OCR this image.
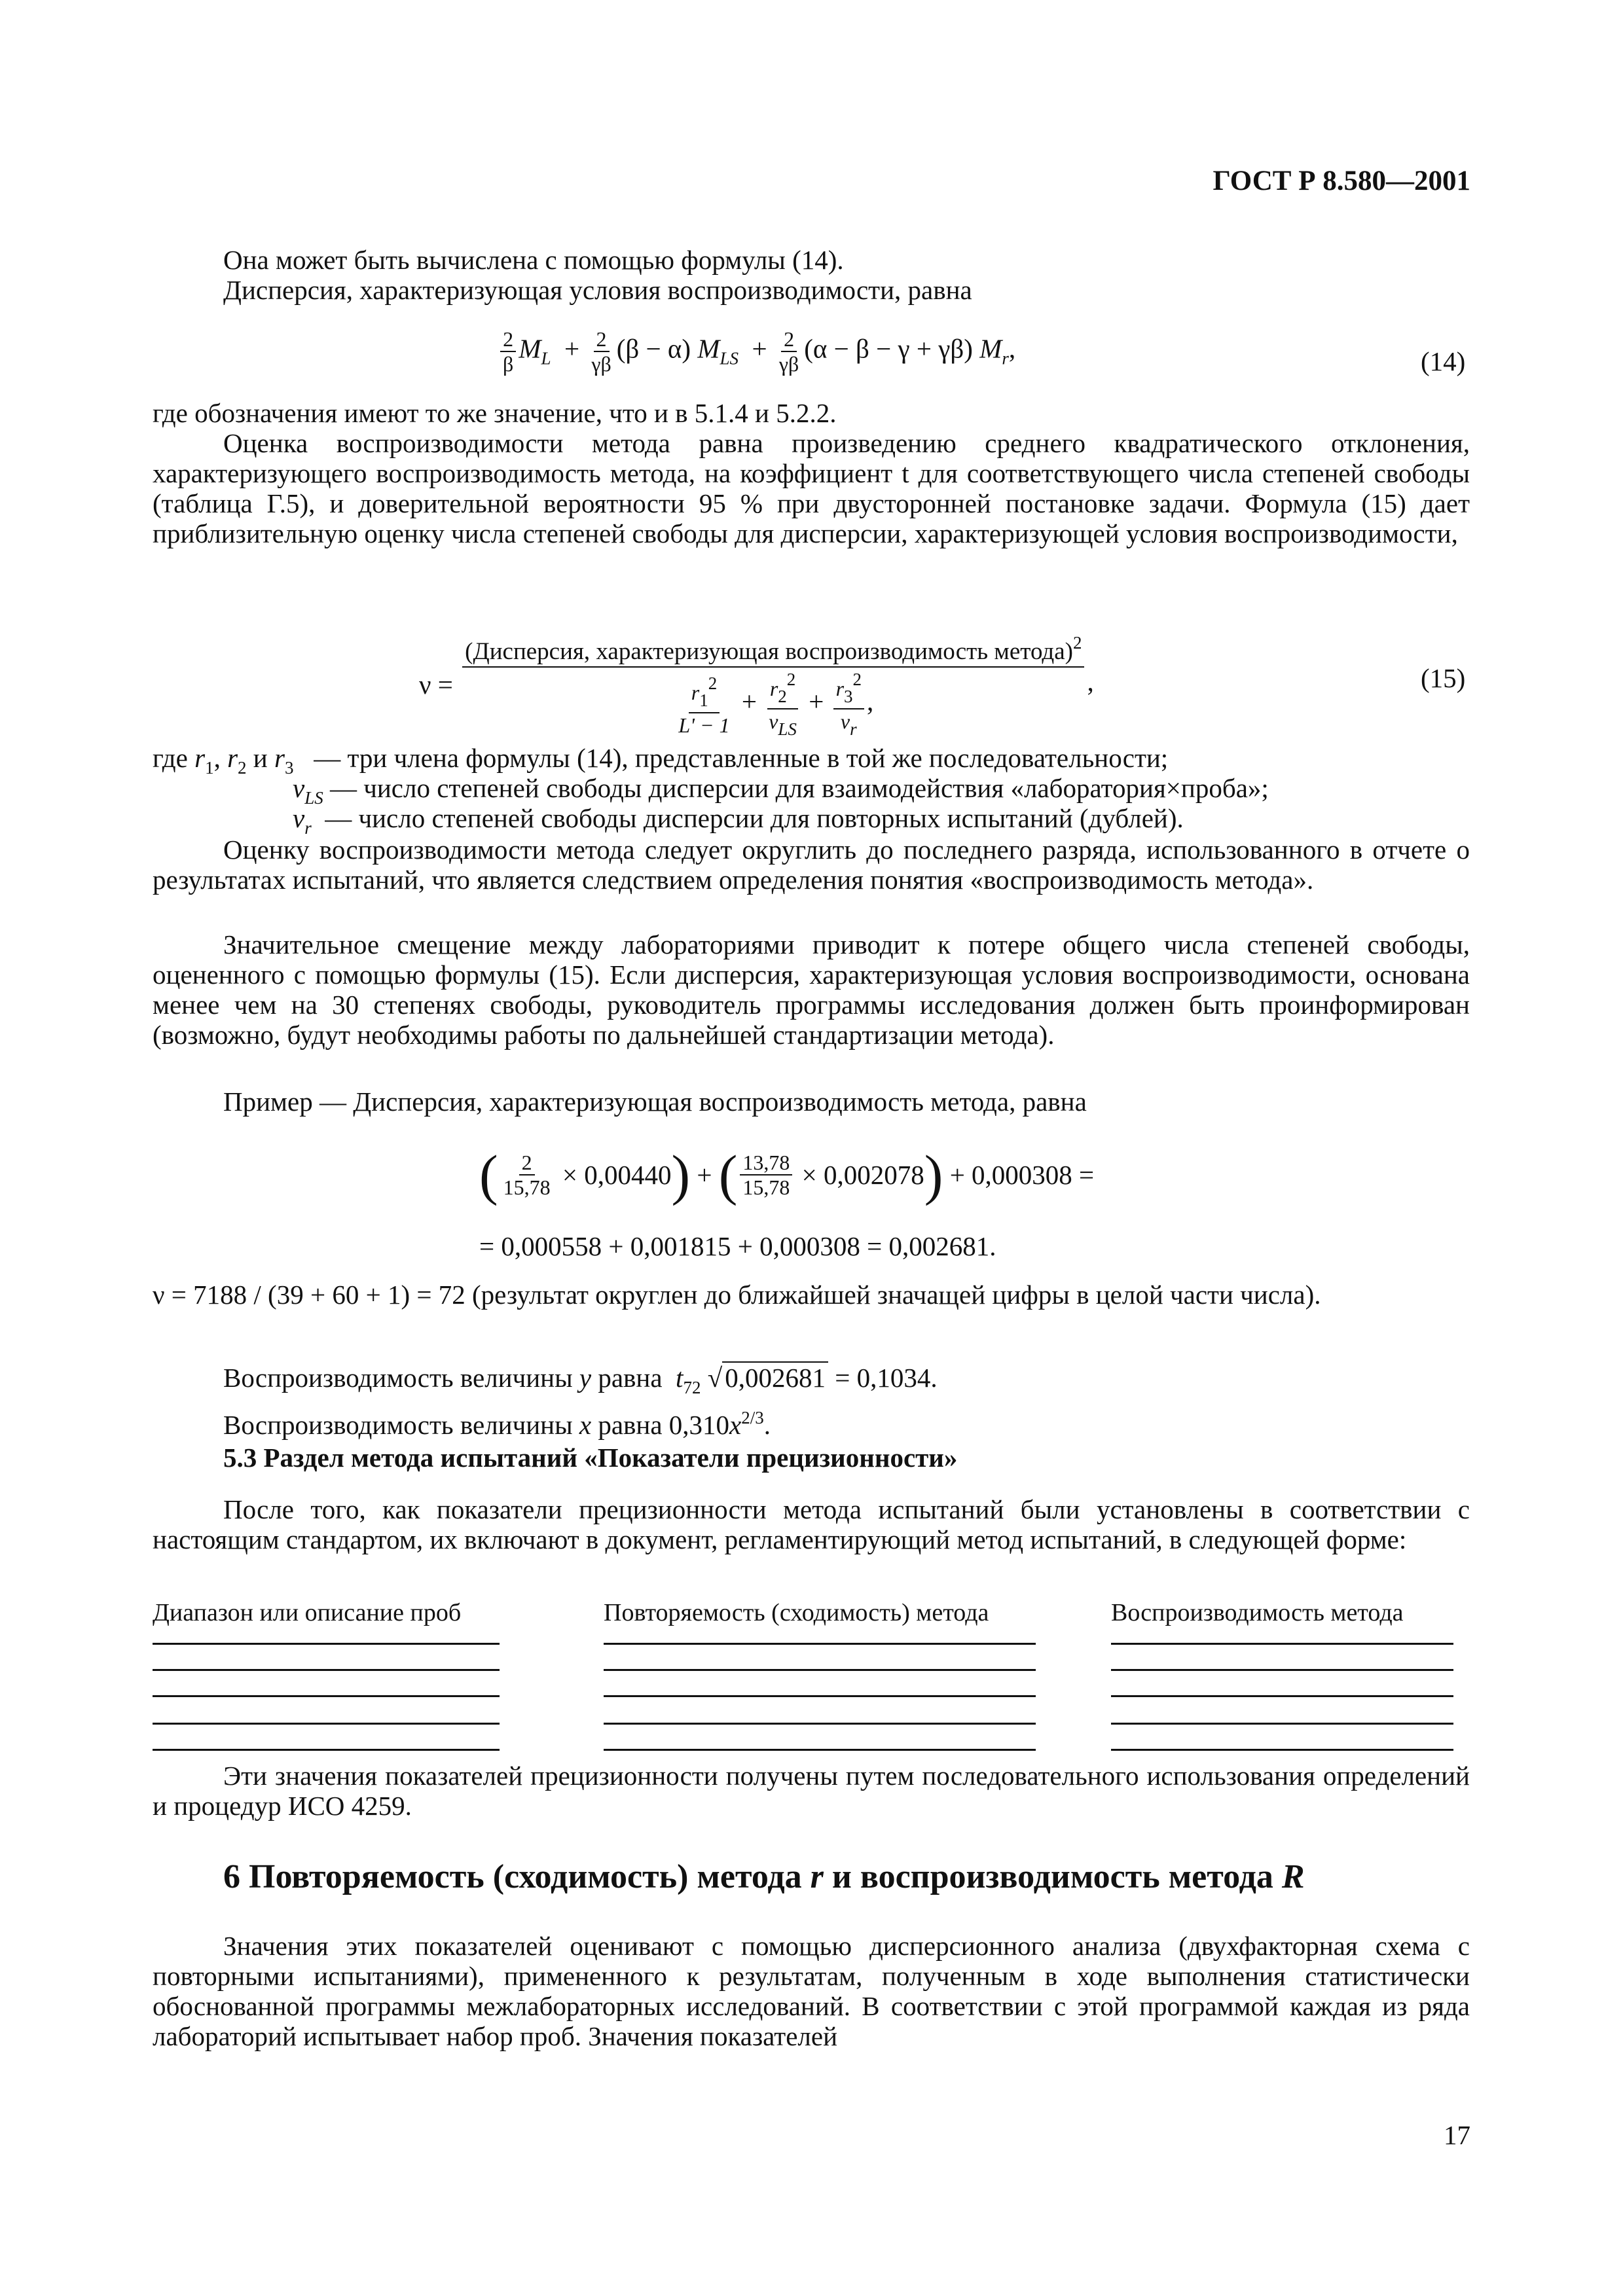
ГОСТ Р 8.580—2001
Она может быть вычислена с помощью формулы (14).
Дисперсия, характеризующая условия воспроизводимости, равна
$\frac{2}{\beta} M_L + \frac{2}{\gamma\beta} (\beta - \alpha) M_{LS} + \frac{2}{\gamma\beta} (\alpha - \beta - \gamma + \gamma\beta)$ $M_r$,	(14)
где обозначения имеют то же значение, что и в 5.1.4 и 5.2.2.
Оценка воспроизводимости метода равна произведению среднего квадратического отклонения, характеризующего воспроизводимость метода, на коэффициент t для соответствующего числа степеней свободы (таблица Г.5), и доверительной вероятности 95 % при двусторонней постановке задачи. Формула (15) дает приблизительную оценку числа степеней свободы для дисперсии, характеризующей условия воспроизводимости,
$\nu = \frac{(Дисперсия, характеризующая воспроизводимость метода)^2}{\frac{r_1^2}{L' - 1} + \frac{r_2^2}{\nu_{LS}} + \frac{r_3^2}{\nu_r} ,}$ ,	(15)
где $r_1$, $r_2$ и $r_3$ — три члена формулы (14), представленные в той же последовательности;
$\nu_{LS}$ — число степеней свободы дисперсии для взаимодействия «лаборатория×проба»;
$\nu_r$ — число степеней свободы дисперсии для повторных испытаний (дублей).
Оценку воспроизводимости метода следует округлить до последнего разряда, использованного в отчете о результатах испытаний, что является следствием определения понятия «воспроизводимость метода».
Значительное смещение между лабораториями приводит к потере общего числа степеней свободы, оцененного с помощью формулы (15). Если дисперсия, характеризующая условия воспроизводимости, основана менее чем на 30 степенях свободы, руководитель программы исследования должен быть проинформирован (возможно, будут необходимы работы по дальнейшей стандартизации метода).
Пример — Дисперсия, характеризующая воспроизводимость метода, равна
( $\frac{2}{15,78} \times 0,00440$) + ( $\frac{13,78}{15,78} \times 0,002078) + 0,000308$ =
= 0,000558 + 0,001815 + 0,000308 = 0,002681.
ν = 7188 / (39 + 60 + 1) = 72 (результат округлен до ближайшей значащей цифры в целой части числа).
Воспроизводимость величины y равна $t_{72}$ √0,002681 = 0,1034.
Воспроизводимость величины x равна $0,310x^{2/3}$.
5.3 Раздел метода испытаний «Показатели прецизионности»
После того, как показатели прецизионности метода испытаний были установлены в соответствии с настоящим стандартом, их включают в документ, регламентирующий метод испытаний, в следующей форме:
Диапазон или описание проб	Повторяемость (сходимость) метода	Воспроизводимость метода
Эти значения показателей прецизионности получены путем последовательного использования определений и процедур ИСО 4259.
6 Повторяемость (сходимость) метода r и воспроизводимость метода R
Значения этих показателей оценивают с помощью дисперсионного анализа (двухфакторная схема с повторными испытаниями), примененного к результатам, полученным в ходе выполнения статистически обоснованной программы межлабораторных исследований. В соответствии с этой программой каждая из ряда лабораторий испытывает набор проб. Значения показателей
17
